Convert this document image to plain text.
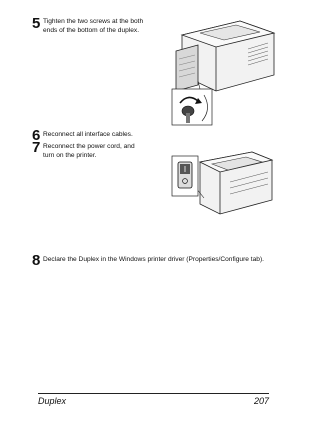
5 Tighten the two screws at the both ends of the bottom of the duplex.
6 Reconnect all interface cables.
7 Reconnect the power cord, and turn on the printer.
8 Declare the Duplex in the Windows printer driver (Properties/Configure tab).
Duplex	207
